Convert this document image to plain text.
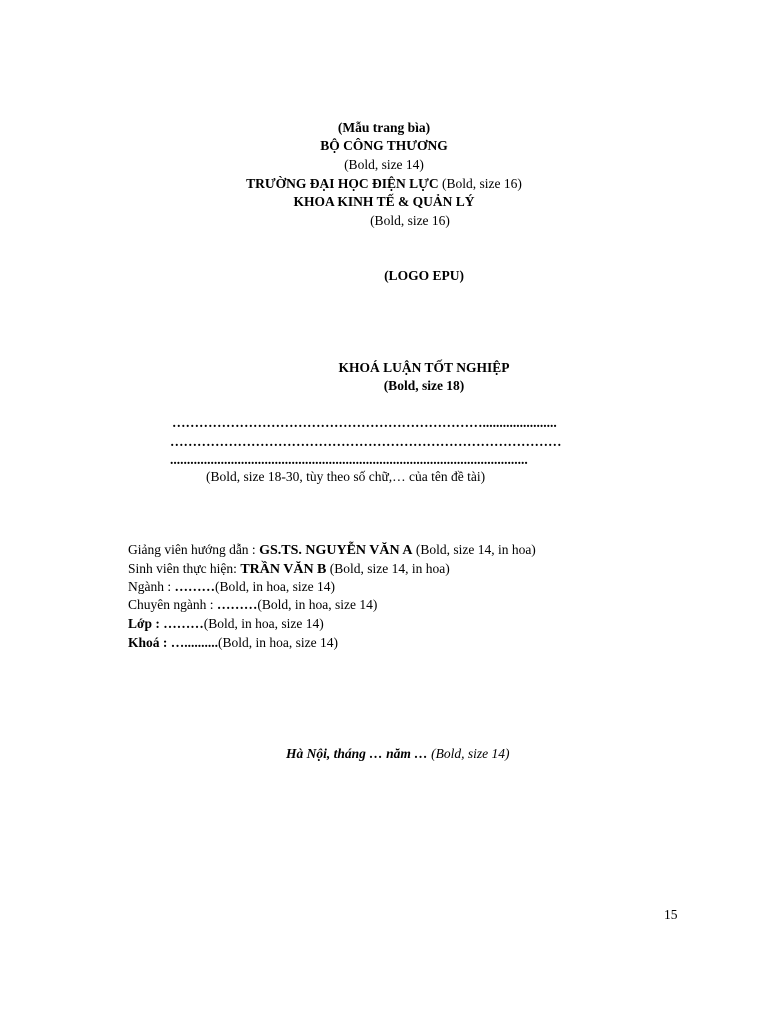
(Mẫu trang bìa)
BỘ CÔNG THƯƠNG
(Bold, size 14)
TRƯỜNG ĐẠI HỌC ĐIỆN LỰC (Bold, size 16)
KHOA KINH TẾ & QUẢN LÝ
(Bold, size 16)
(LOGO EPU)
KHOÁ LUẬN TỐT NGHIỆP
(Bold, size 18)
……………………………………………………………......................
……………………………………………………………………………
..........................................................................................................
(Bold, size 18-30, tùy theo số chữ,… của tên đề tài)
Giảng viên hướng dẫn : GS.TS. NGUYỄN VĂN A (Bold, size 14, in hoa)
Sinh viên thực hiện: TRẦN VĂN B (Bold, size 14, in hoa)
Ngành : ………(Bold, in hoa, size 14)
Chuyên ngành : ………(Bold, in hoa, size 14)
Lớp : ………(Bold, in hoa, size 14)
Khoá : …..........(Bold, in hoa, size 14)
Hà Nội, tháng … năm … (Bold, size 14)
15
